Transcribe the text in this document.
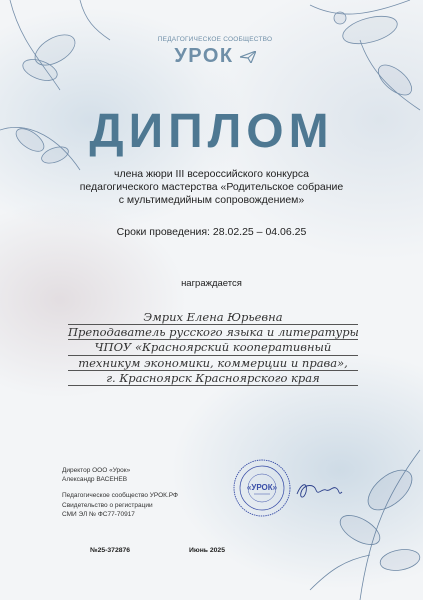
ПЕДАГОГИЧЕСКОЕ СООБЩЕСТВО
УРОК
ДИПЛОМ
члена жюри III всероссийского конкурса
педагогического мастерства «Родительское собрание
с мультимедийным сопровождением»
Сроки проведения: 28.02.25 – 04.06.25
награждается
Эмрих Елена Юрьевна
Преподаватель русского языка и литературы
ЧПОУ «Красноярский кооперативный
техникум экономики, коммерции и права»,
г. Красноярск Красноярского края
Директор ООО «Урок»
Александр ВАСЕНЕВ
Педагогическое сообщество УРОК.РФ
Свидетельство о регистрации
СМИ ЭЛ № ФС77-70917
«УРОК»
№25-372876	Июнь 2025
